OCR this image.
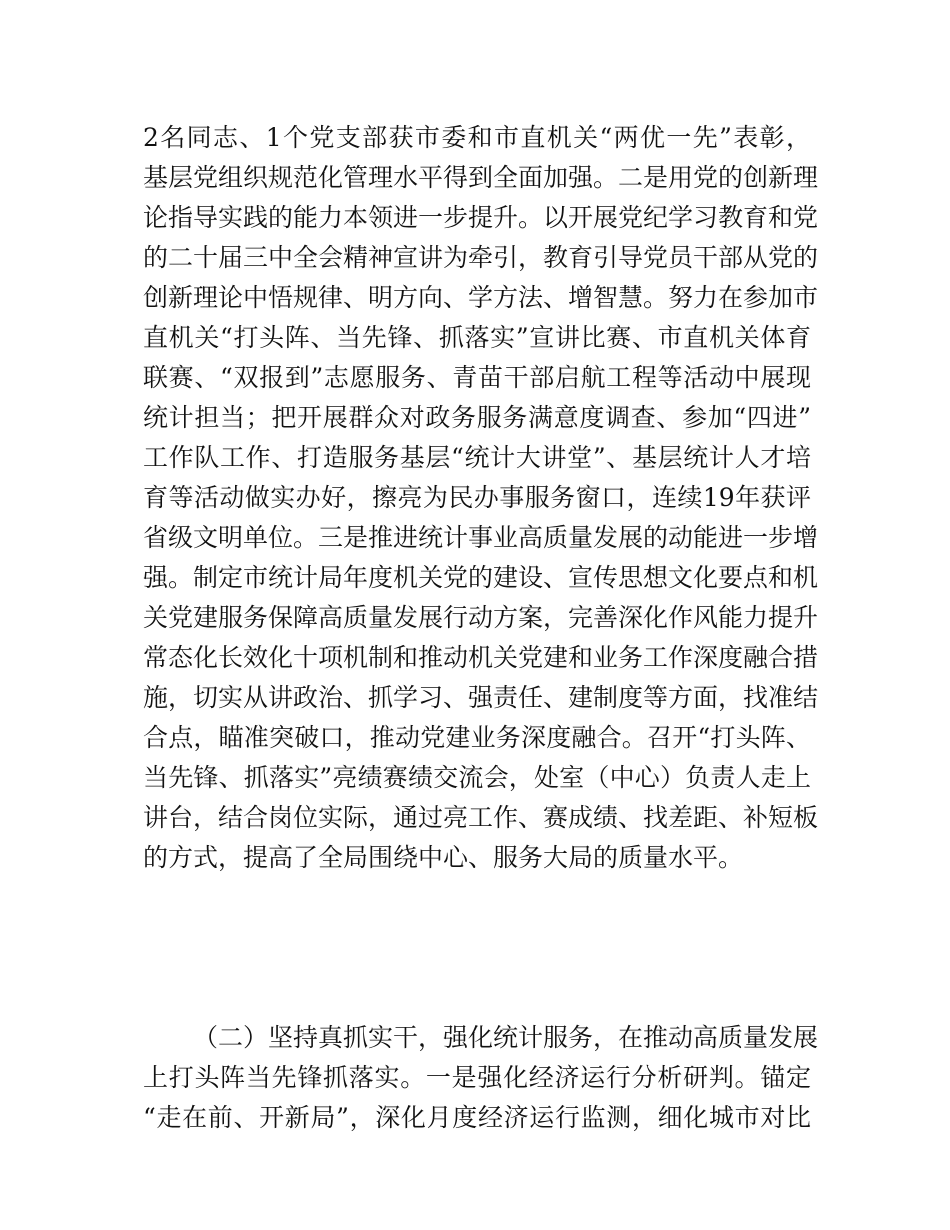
2名同志、1个党支部获市委和市直机关“两优一先”表彰，
基层党组织规范化管理水平得到全面加强。二是用党的创新理
论指导实践的能力本领进一步提升。以开展党纪学习教育和党
的二十届三中全会精神宣讲为牵引，教育引导党员干部从党的
创新理论中悟规律、明方向、学方法、增智慧。努力在参加市
直机关“打头阵、当先锋、抓落实”宣讲比赛、市直机关体育
联赛、“双报到”志愿服务、青苗干部启航工程等活动中展现
统计担当；把开展群众对政务服务满意度调查、参加“四进”
工作队工作、打造服务基层“统计大讲堂”、基层统计人才培
育等活动做实办好，擦亮为民办事服务窗口，连续19年获评
省级文明单位。三是推进统计事业高质量发展的动能进一步增
强。制定市统计局年度机关党的建设、宣传思想文化要点和机
关党建服务保障高质量发展行动方案，完善深化作风能力提升
常态化长效化十项机制和推动机关党建和业务工作深度融合措
施，切实从讲政治、抓学习、强责任、建制度等方面，找准结
合点，瞄准突破口，推动党建业务深度融合。召开“打头阵、
当先锋、抓落实”亮绩赛绩交流会，处室（中心）负责人走上
讲台，结合岗位实际，通过亮工作、赛成绩、找差距、补短板
的方式，提高了全局围绕中心、服务大局的质量水平。
（二）坚持真抓实干，强化统计服务，在推动高质量发展
上打头阵当先锋抓落实。一是强化经济运行分析研判。锚定
“走在前、开新局”，深化月度经济运行监测，细化城市对比
